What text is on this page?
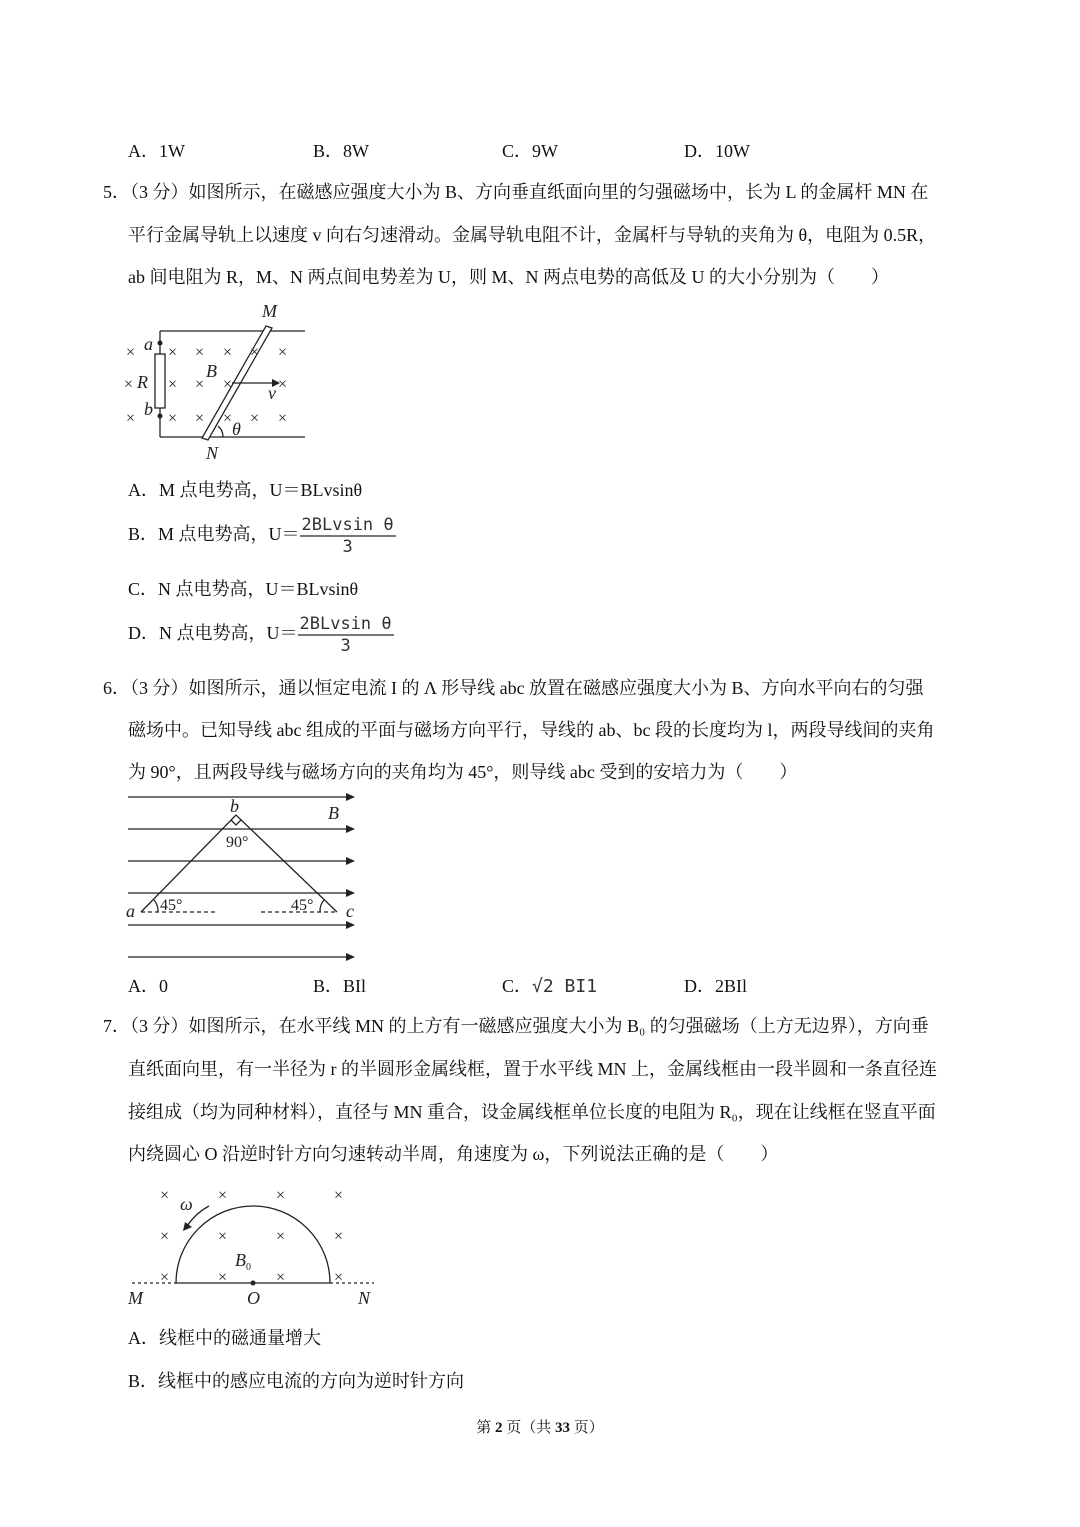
A．1W	B．8W	C．9W	D．10W
5．（3 分）如图所示，在磁感应强度大小为 B、方向垂直纸面向里的匀强磁场中，长为 L 的金属杆 MN 在
平行金属导轨上以速度 v 向右匀速滑动。金属导轨电阻不计，金属杆与导轨的夹角为 θ，电阻为 0.5R，
ab 间电阻为 R，M、N 两点间电势差为 U，则 M、N 两点电势的高低及 U 的大小分别为（　　）
× × × × × ×
× × × ×	×
× × × × × ×
M
N
a
b
R
B
v
θ
A．M 点电势高，U＝BLvsinθ
B．M 点电势高，$U= \frac{\text{2BLvsin θ}}{3}$
C．N 点电势高，U＝BLvsinθ
D．N 点电势高，$U= \frac{\text{2BLvsin θ}}{3}$
6．（3 分）如图所示，通以恒定电流 I 的 Λ 形导线 abc 放置在磁感应强度大小为 B、方向水平向右的匀强
磁场中。已知导线 abc 组成的平面与磁场方向平行，导线的 ab、bc 段的长度均为 l，两段导线间的夹角
为 90°，且两段导线与磁场方向的夹角均为 45°，则导线 abc 受到的安培力为（　　）
b	B
90°
a	c
45°	45°
A．0	B．BIl	C．√2 BI1	D．2BIl
7．（3 分）如图所示，在水平线 MN 的上方有一磁感应强度大小为 B₀ 的匀强磁场（上方无边界），方向垂
直纸面向里，有一半径为 r 的半圆形金属线框，置于水平线 MN 上，金属线框由一段半圆和一条直径连
接组成（均为同种材料），直径与 MN 重合，设金属线框单位长度的电阻为 R₀，现在让线框在竖直平面
内绕圆心 O 沿逆时针方向匀速转动半周，角速度为 ω，下列说法正确的是（　　）
×	×	×	×
×	×	×	×
×	×	×	×
ω
$B_0$
M	O	N
A．线框中的磁通量增大
B．线框中的感应电流的方向为逆时针方向
第 2 页（共 33 页）
